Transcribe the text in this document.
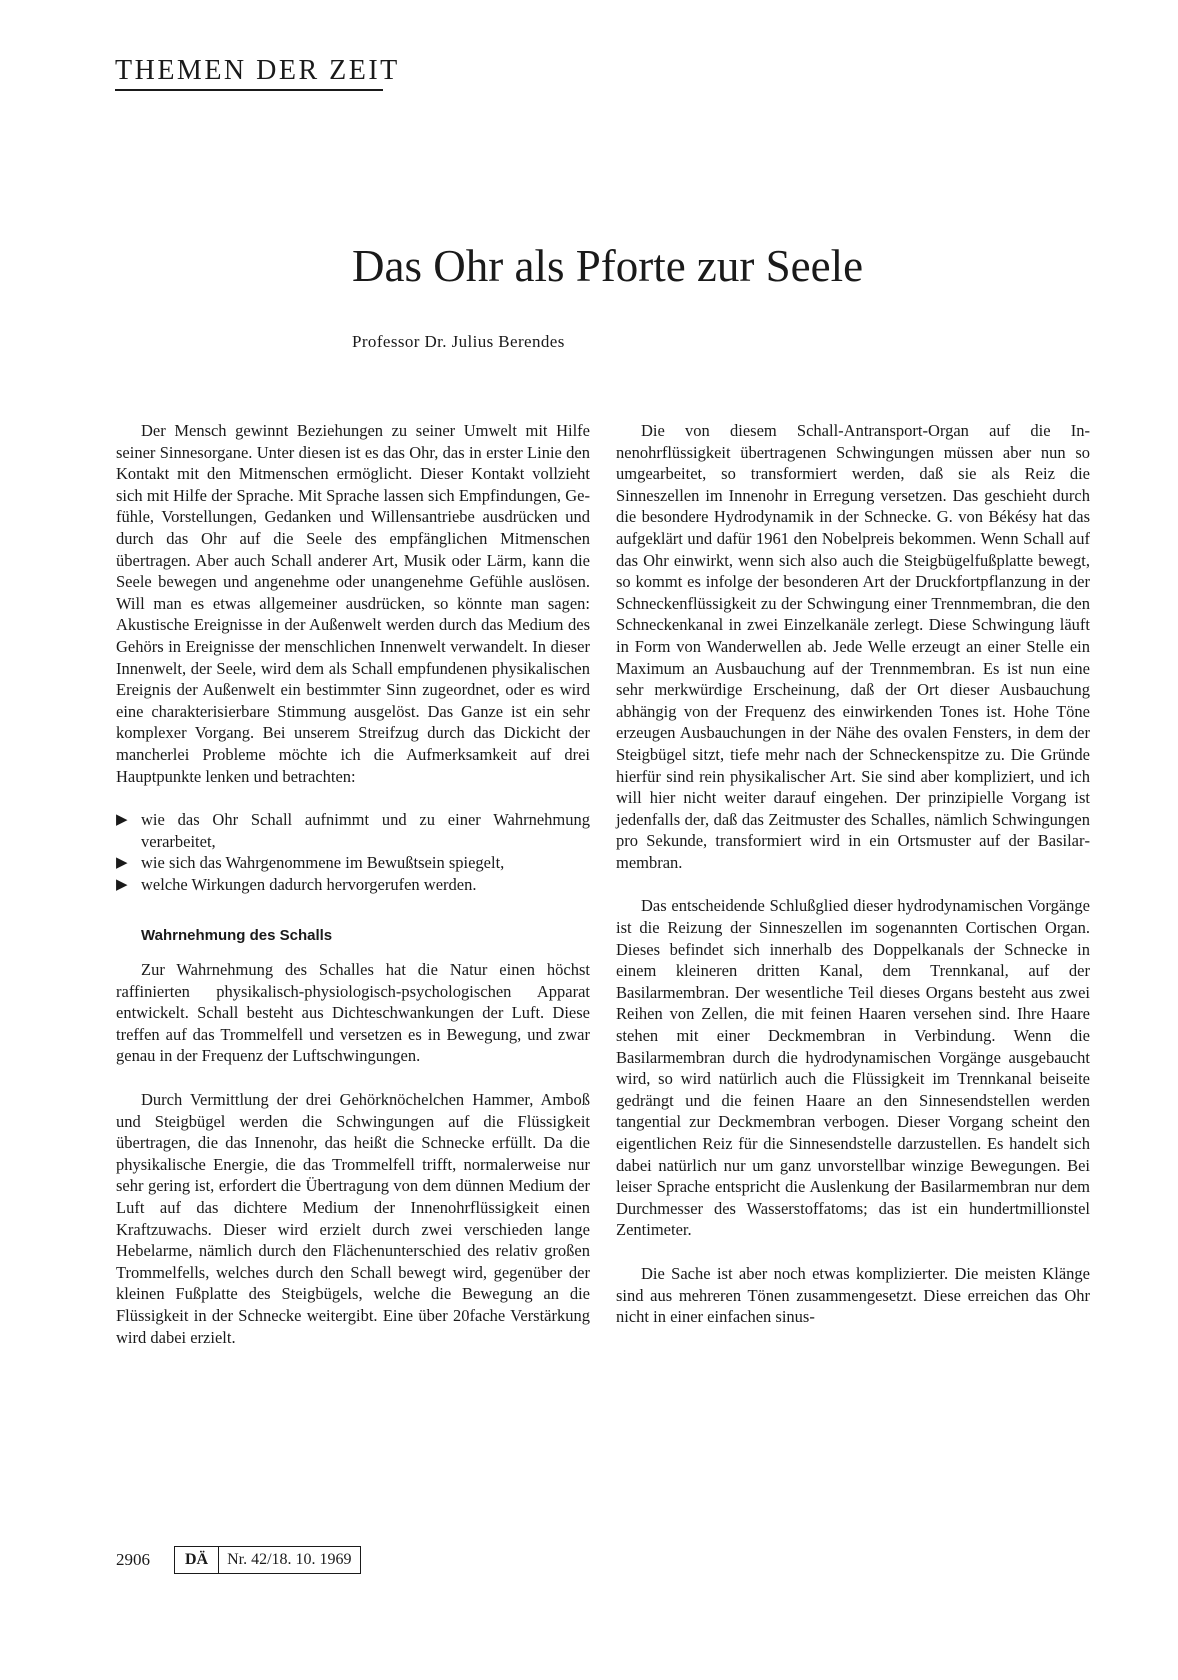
THEMEN DER ZEIT
Das Ohr als Pforte zur Seele
Professor Dr. Julius Berendes

Der Mensch gewinnt Beziehungen zu seiner Umwelt mit Hilfe seiner Sinnesorgane. Unter diesen ist es das Ohr, das in erster Linie den Kontakt mit den Mitmenschen ermöglicht. Dieser Kontakt vollzieht sich mit Hilfe der Sprache. Mit Sprache lassen sich Empfindungen, Gefühle, Vorstellungen, Gedanken und Willensantriebe ausdrücken und durch das Ohr auf die Seele des empfänglichen Mitmenschen übertragen. Aber auch Schall anderer Art, Musik oder Lärm, kann die Seele bewegen und angenehme oder unangenehme Gefühle auslösen. Will man es etwas allgemeiner ausdrücken, so könnte man sagen: Akustische Ereignisse in der Außenwelt werden durch das Medium des Gehörs in Ereignisse der menschlichen Innenwelt verwandelt. In dieser Innenwelt, der Seele, wird dem als Schall empfundenen physikalischen Ereignis der Außenwelt ein bestimmter Sinn zugeordnet, oder es wird eine charakterisierbare Stimmung ausgelöst. Das Ganze ist ein sehr komplexer Vorgang. Bei unserem Streifzug durch das Dickicht der mancherlei Probleme möchte ich die Aufmerksamkeit auf drei Hauptpunkte lenken und betrachten:

▶ wie das Ohr Schall aufnimmt und zu einer Wahrnehmung verarbeitet,
▶ wie sich das Wahrgenommene im Bewußtsein spiegelt,
▶ welche Wirkungen dadurch hervorgerufen werden.
Wahrnehmung des Schalls

Zur Wahrnehmung des Schalles hat die Natur einen höchst raffinierten physikalisch-physiologisch-psychologischen Apparat entwickelt. Schall besteht aus Dichteschwankungen der Luft. Diese treffen auf das Trommelfell und versetzen es in Bewegung, und zwar genau in der Frequenz der Luftschwingungen.

Durch Vermittlung der drei Gehörknöchelchen Hammer, Amboß und Steigbügel werden die Schwingungen auf die Flüssigkeit übertragen, die das Innenohr, das heißt die Schnecke erfüllt. Da die physikalische Energie, die das Trommelfell trifft, normalerweise nur sehr gering ist, erfordert die Übertragung von dem dünnen Medium der Luft auf das dichtere Medium der Innenohrflüssigkeit einen Kraftzuwachs. Dieser wird erzielt durch zwei verschieden lange Hebelarme, nämlich durch den Flächenunterschied des relativ großen Trommelfells, welches durch den Schall bewegt wird, gegenüber der kleinen Fußplatte des Steigbügels, welche die Bewegung an die Flüssigkeit in der Schnecke weitergibt. Eine über 20fache Verstärkung wird dabei erzielt.

Die von diesem Schall-Antransport-Organ auf die Innenohrflüssigkeit übertragenen Schwingungen müssen aber nun so umgearbeitet, so transformiert werden, daß sie als Reiz die Sinneszellen im Innenohr in Erregung versetzen. Das geschieht durch die besondere Hydrodynamik in der Schnecke. G. von Békésy hat das aufgeklärt und dafür 1961 den Nobelpreis bekommen. Wenn Schall auf das Ohr einwirkt, wenn sich also auch die Steigbügelfußplatte bewegt, so kommt es infolge der besonderen Art der Druckfortpflanzung in der Schneckenflüssigkeit zu der Schwingung einer Trennmembran, die den Schneckenkanal in zwei Einzelkanäle zerlegt. Diese Schwingung läuft in Form von Wanderwellen ab. Jede Welle erzeugt an einer Stelle ein Maximum an Ausbauchung auf der Trennmembran. Es ist nun eine sehr merkwürdige Erscheinung, daß der Ort dieser Ausbauchung abhängig von der Frequenz des einwirkenden Tones ist. Hohe Töne erzeugen Ausbauchungen in der Nähe des ovalen Fensters, in dem der Steigbügel sitzt, tiefe mehr nach der Schneckenspitze zu. Die Gründe hierfür sind rein physikalischer Art. Sie sind aber kompliziert, und ich will hier nicht weiter darauf eingehen. Der prinzipielle Vorgang ist jedenfalls der, daß das Zeitmuster des Schalles, nämlich Schwingungen pro Sekunde, transformiert wird in ein Ortsmuster auf der Basilarmembran.

Das entscheidende Schlußglied dieser hydrodynamischen Vorgänge ist die Reizung der Sinneszellen im sogenannten Cortischen Organ. Dieses befindet sich innerhalb des Doppelkanals der Schnecke in einem kleineren dritten Kanal, dem Trennkanal, auf der Basilarmembran. Der wesentliche Teil dieses Organs besteht aus zwei Reihen von Zellen, die mit feinen Haaren versehen sind. Ihre Haare stehen mit einer Deckmembran in Verbindung. Wenn die Basilarmembran durch die hydrodynamischen Vorgänge ausgebaucht wird, so wird natürlich auch die Flüssigkeit im Trennkanal beiseite gedrängt und die feinen Haare an den Sinnesendstellen werden tangential zur Deckmembran verbogen. Dieser Vorgang scheint den eigentlichen Reiz für die Sinnesendstelle darzustellen. Es handelt sich dabei natürlich nur um ganz unvorstellbar winzige Bewegungen. Bei leiser Sprache entspricht die Auslenkung der Basilarmembran nur dem Durchmesser des Wasserstoffatoms; das ist ein hundertmillionstel Zentimeter.

Die Sache ist aber noch etwas komplizierter. Die meisten Klänge sind aus mehreren Tönen zusammengesetzt. Diese erreichen das Ohr nicht in einer einfachen sinus-

2906	DÄ	Nr. 42/18. 10. 1969
